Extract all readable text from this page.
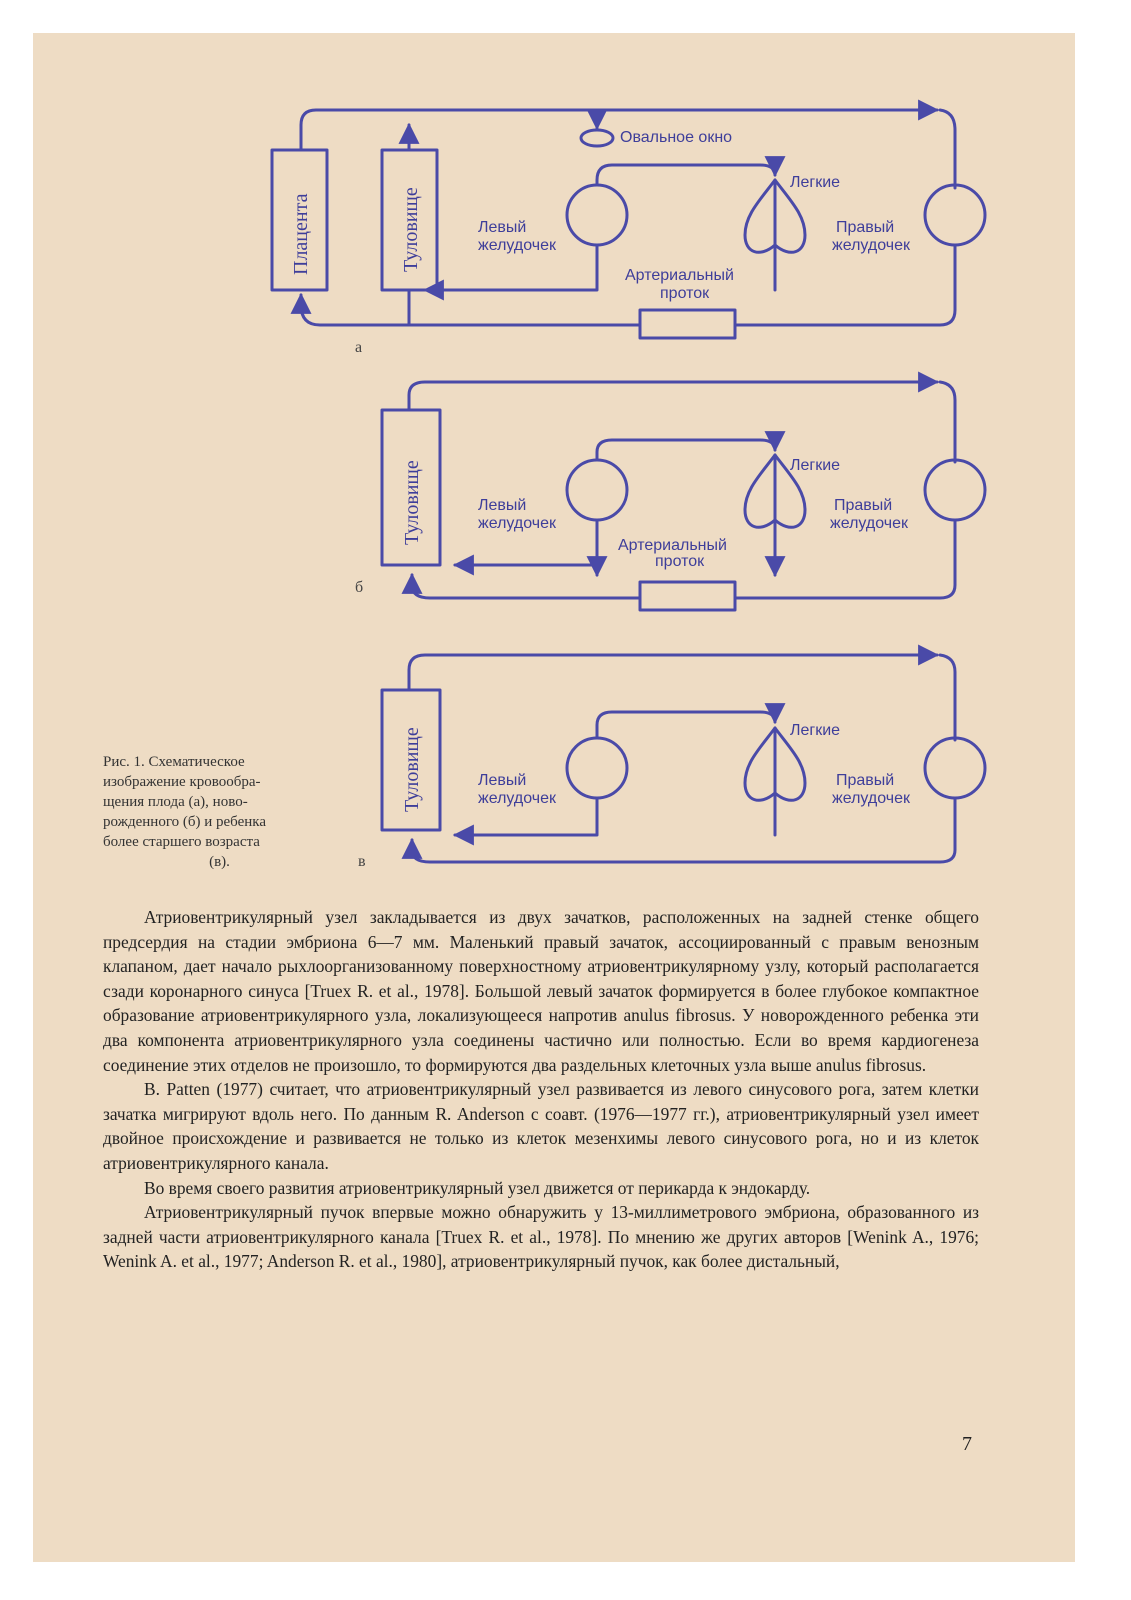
Плацента	Туловище
Овальное окно
Легкие
Левый
желудочек
Правый
желудочек
Артериальный
проток
а
Туловище	Легкие
Левый
желудочек
Правый
желудочек
Артериальный
проток
б
Туловище	Легкие
Левый
желудочек
Правый
желудочек
в
Рис. 1. Схематическое
изображение кровообра-
щения плода (а), ново-
рожденного (б) и ребенка
более старшего возраста
(в).

Атриовентрикулярный узел закладывается из двух зачатков, расположенных на задней стенке общего предсердия на стадии эмбриона 6—7 мм. Маленький правый зачаток, ассоциированный с правым венозным клапаном, дает начало рыхлоорганизованному поверхностному атриовентрикулярному узлу, который располагается сзади коронарного синуса [Truex R. et al., 1978]. Большой левый зачаток формируется в более глубокое компактное образование атриовентрикулярного узла, локализующееся напротив anulus fibrosus. У новорожденного ребенка эти два компонента атриовентрикулярного узла соединены частично или полностью. Если во время кардиогенеза соединение этих отделов не произошло, то формируются два раздельных клеточных узла выше anulus fibrosus.

B. Patten (1977) считает, что атриовентрикулярный узел развивается из левого синусового рога, затем клетки зачатка мигрируют вдоль него. По данным R. Anderson с соавт. (1976—1977 гг.), атриовентрикулярный узел имеет двойное происхождение и развивается не только из клеток мезенхимы левого синусового рога, но и из клеток атриовентрикулярного канала.

Во время своего развития атриовентрикулярный узел движется от перикарда к эндокарду.

Атриовентрикулярный пучок впервые можно обнаружить у 13-миллиметрового эмбриона, образованного из задней части атриовентрикулярного канала [Truex R. et al., 1978]. По мнению же других авторов [Wenink A., 1976; Wenink A. et al., 1977; Anderson R. et al., 1980], атриовентрикулярный пучок, как более дистальный,

7
